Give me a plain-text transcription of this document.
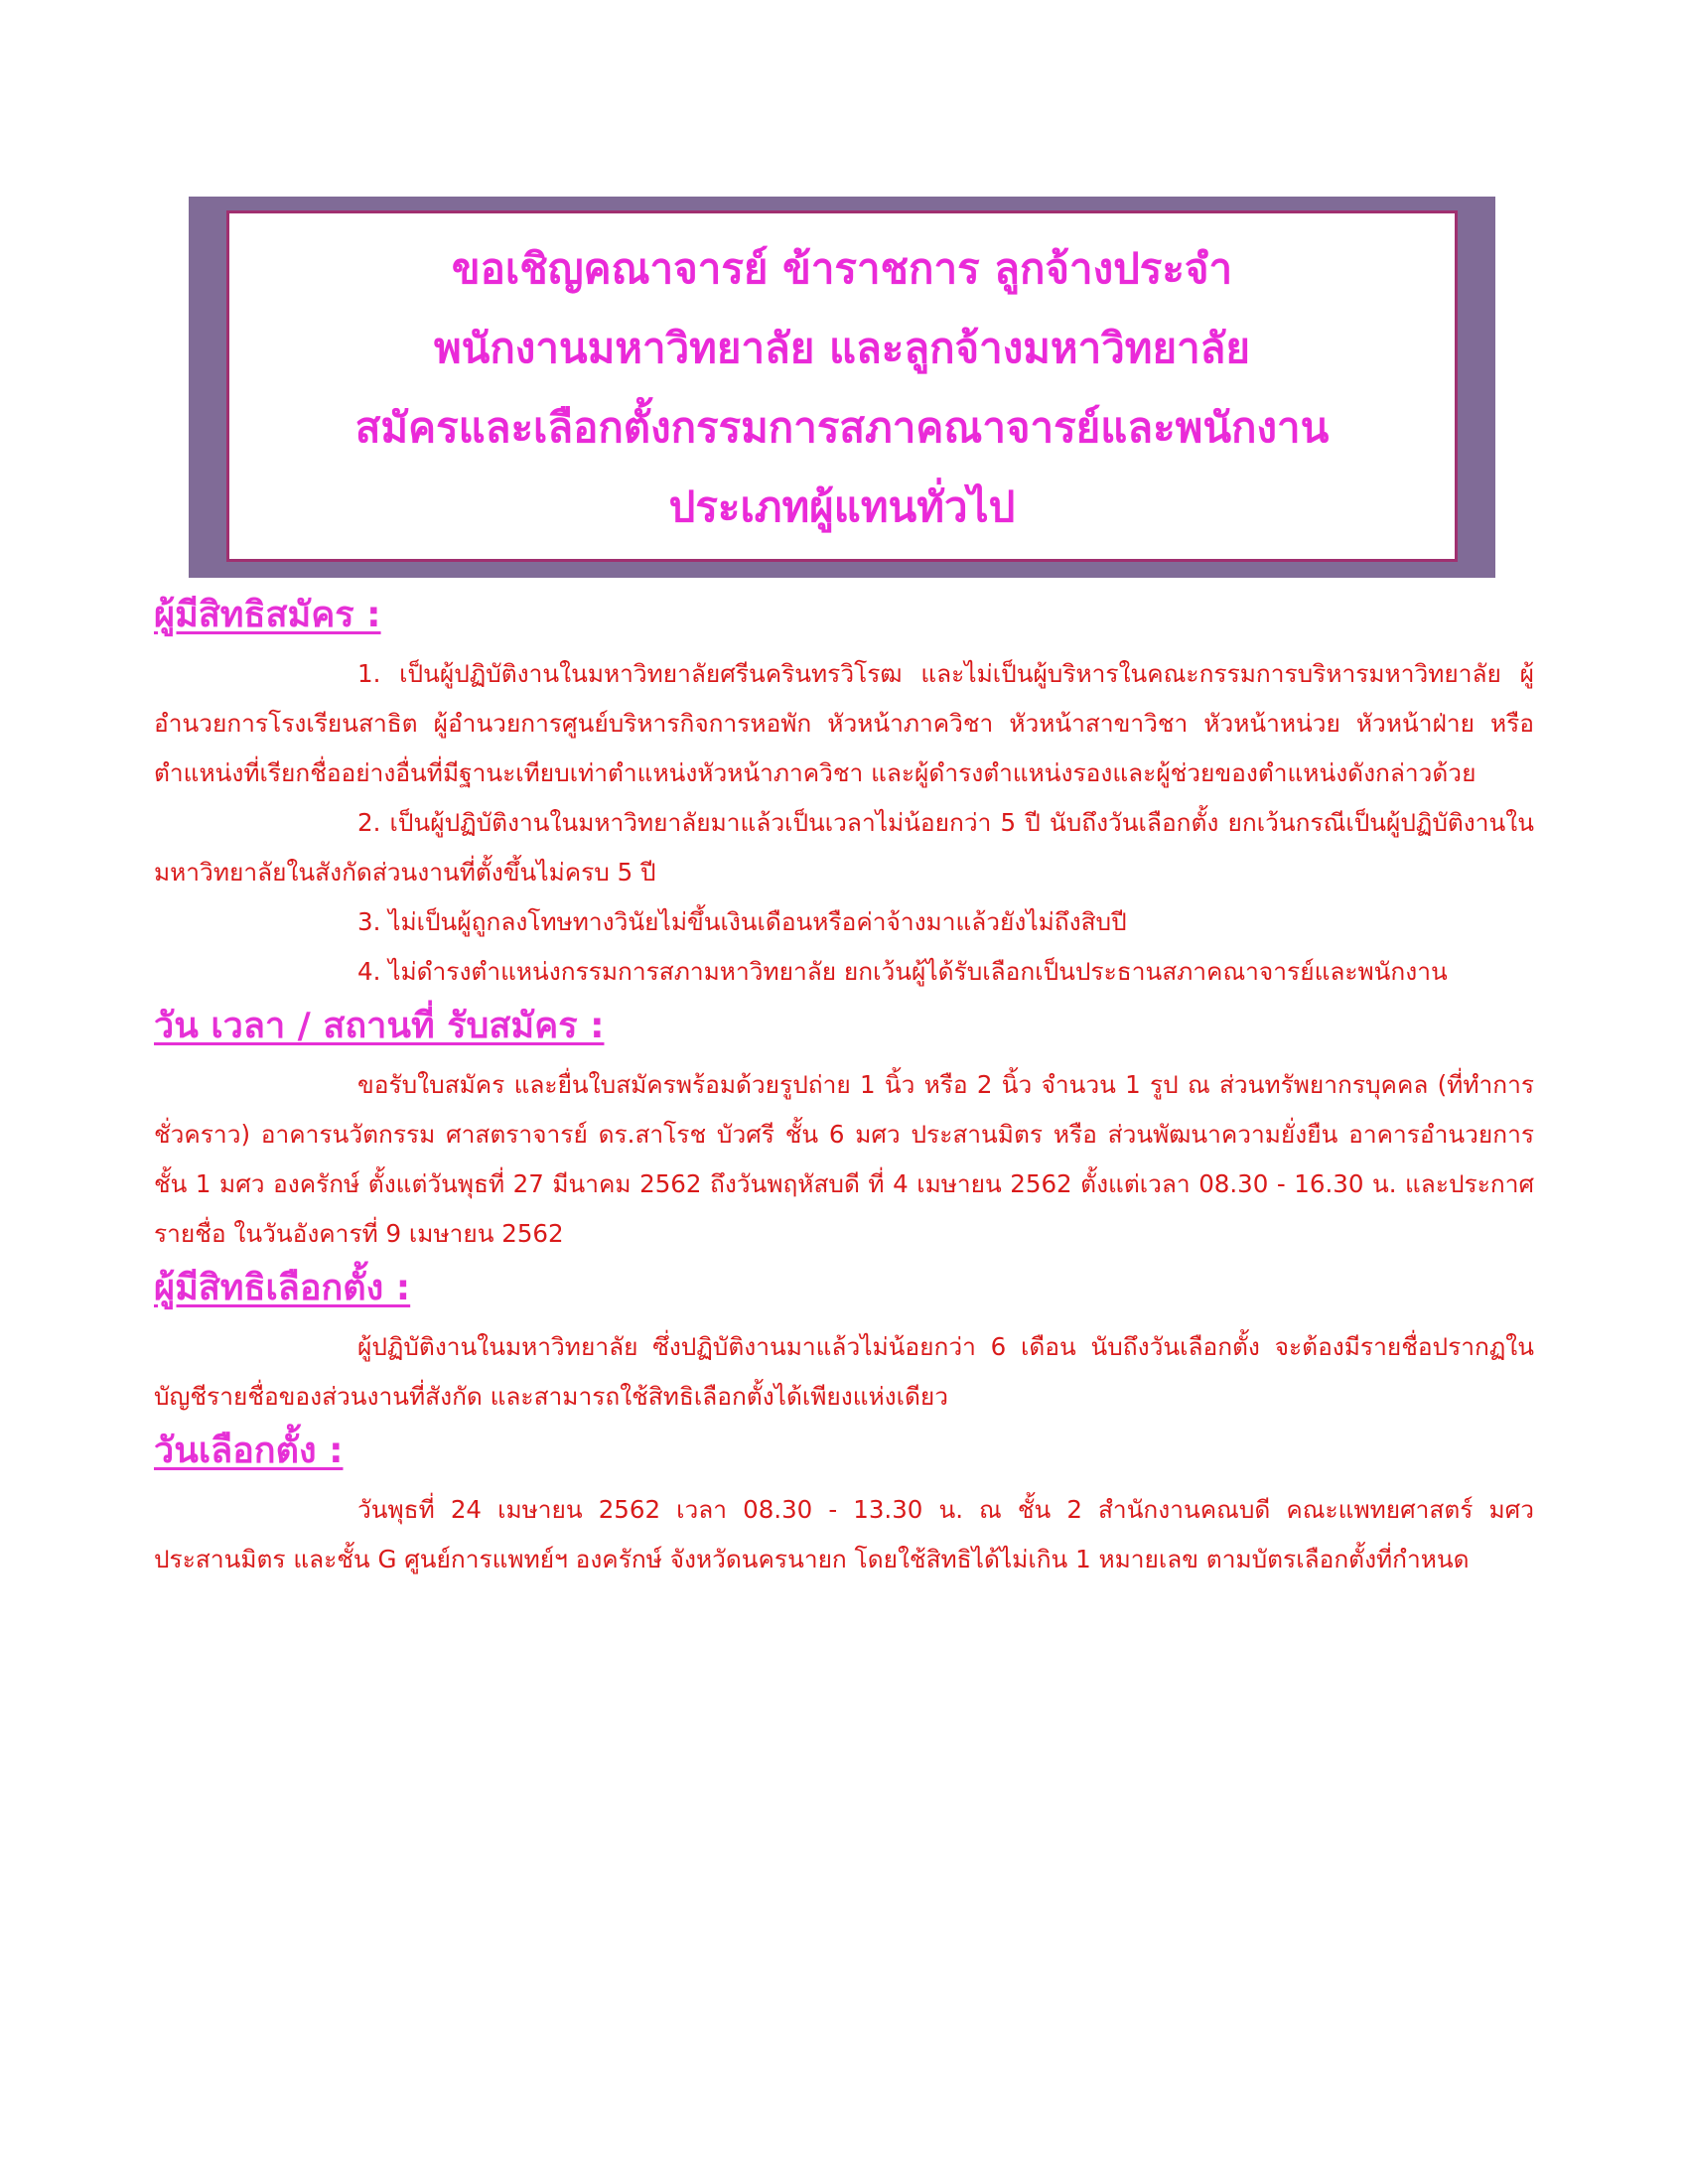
ขอเชิญคณาจารย์ ข้าราชการ ลูกจ้างประจำ
พนักงานมหาวิทยาลัย และลูกจ้างมหาวิทยาลัย
สมัครและเลือกตั้งกรรมการสภาคณาจารย์และพนักงาน
ประเภทผู้แทนทั่วไป
ผู้มีสิทธิสมัคร :

1. เป็นผู้ปฏิบัติงานในมหาวิทยาลัยศรีนครินทรวิโรฒ และไม่เป็นผู้บริหารในคณะกรรมการบริหารมหาวิทยาลัย ผู้อำนวยการโรงเรียนสาธิต ผู้อำนวยการศูนย์บริหารกิจการหอพัก หัวหน้าภาควิชา หัวหน้าสาขาวิชา หัวหน้าหน่วย หัวหน้าฝ่าย หรือตำแหน่งที่เรียกชื่ออย่างอื่นที่มีฐานะเทียบเท่าตำแหน่งหัวหน้าภาควิชา และผู้ดำรงตำแหน่งรองและผู้ช่วยของตำแหน่งดังกล่าวด้วย

2. เป็นผู้ปฏิบัติงานในมหาวิทยาลัยมาแล้วเป็นเวลาไม่น้อยกว่า 5 ปี นับถึงวันเลือกตั้ง ยกเว้นกรณีเป็นผู้ปฏิบัติงานในมหาวิทยาลัยในสังกัดส่วนงานที่ตั้งขึ้นไม่ครบ 5 ปี

3. ไม่เป็นผู้ถูกลงโทษทางวินัยไม่ขึ้นเงินเดือนหรือค่าจ้างมาแล้วยังไม่ถึงสิบปี

4. ไม่ดำรงตำแหน่งกรรมการสภามหาวิทยาลัย ยกเว้นผู้ได้รับเลือกเป็นประธานสภาคณาจารย์และพนักงาน

วัน เวลา / สถานที่ รับสมัคร :

ขอรับใบสมัคร และยื่นใบสมัครพร้อมด้วยรูปถ่าย 1 นิ้ว หรือ 2 นิ้ว จำนวน 1 รูป ณ ส่วนทรัพยากรบุคคล (ที่ทำการชั่วคราว) อาคารนวัตกรรม ศาสตราจารย์ ดร.สาโรช บัวศรี ชั้น 6 มศว ประสานมิตร หรือ ส่วนพัฒนาความยั่งยืน อาคารอำนวยการ ชั้น 1 มศว องครักษ์ ตั้งแต่วันพุธที่ 27 มีนาคม 2562 ถึงวันพฤหัสบดี ที่ 4 เมษายน 2562 ตั้งแต่เวลา 08.30 - 16.30 น. และประกาศรายชื่อ ในวันอังคารที่ 9 เมษายน 2562

ผู้มีสิทธิเลือกตั้ง :

ผู้ปฏิบัติงานในมหาวิทยาลัย ซึ่งปฏิบัติงานมาแล้วไม่น้อยกว่า 6 เดือน นับถึงวันเลือกตั้ง จะต้องมีรายชื่อปรากฏในบัญชีรายชื่อของส่วนงานที่สังกัด และสามารถใช้สิทธิเลือกตั้งได้เพียงแห่งเดียว

วันเลือกตั้ง :

วันพุธที่ 24 เมษายน 2562 เวลา 08.30 - 13.30 น. ณ ชั้น 2 สำนักงานคณบดี คณะแพทยศาสตร์ มศว ประสานมิตร และชั้น G ศูนย์การแพทย์ฯ องครักษ์ จังหวัดนครนายก โดยใช้สิทธิได้ไม่เกิน 1 หมายเลข ตามบัตรเลือกตั้งที่กำหนด
